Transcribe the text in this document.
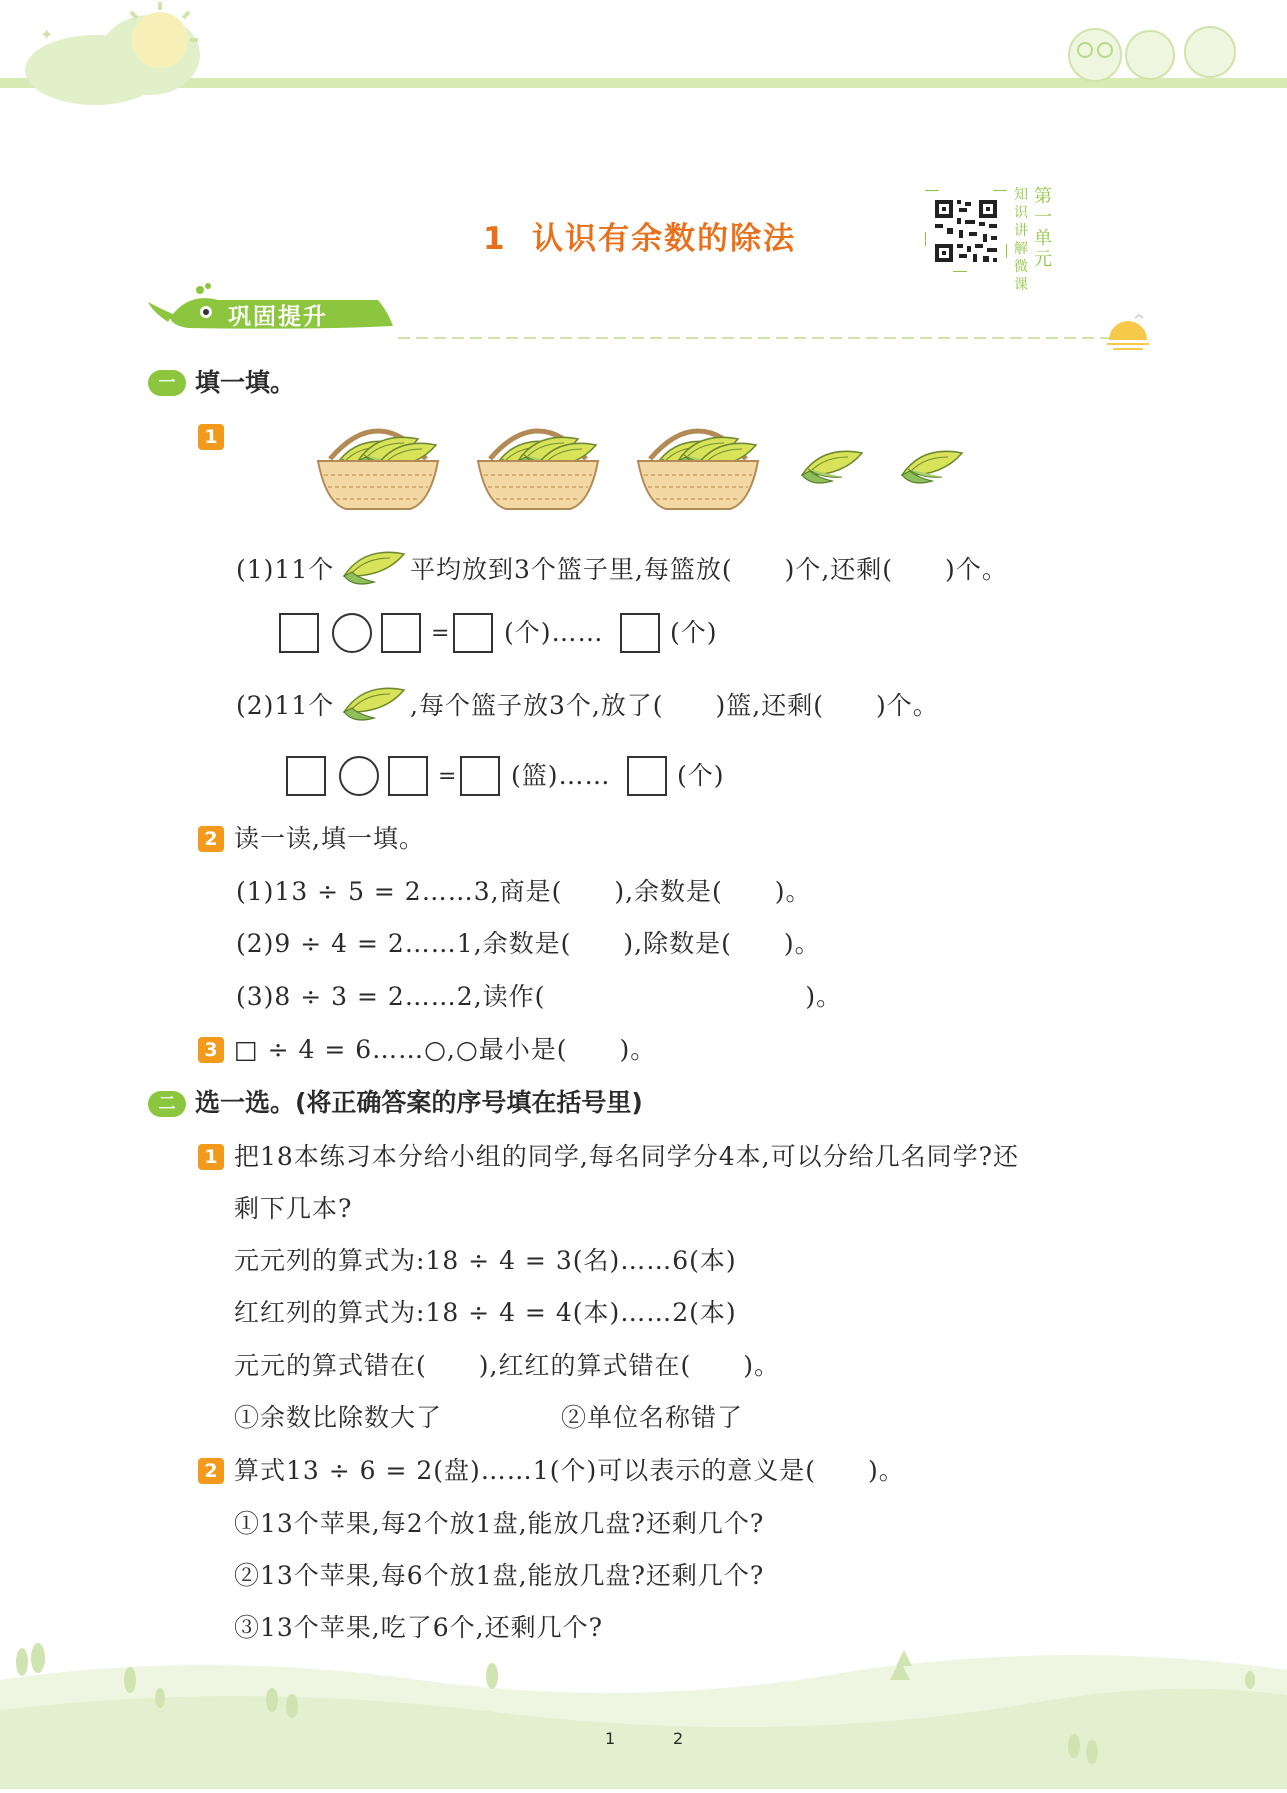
✦
1  认识有余数的除法
第一单元
知识讲解微课
巩固提升
一 填一填。
1
(1)11个	平均放到3个篮子里,每篮放(　　)个,还剩(　　)个。
= (个)……	(个)
(2)11个	,每个篮子放3个,放了(　　)篮,还剩(　　)个。
= (篮)……	(个)
2 读一读,填一填。
(1)13 ÷ 5 = 2……3,商是(　　),余数是(　　)。
(2)9 ÷ 4 = 2……1,余数是(　　),除数是(　　)。
(3)8 ÷ 3 = 2……2,读作(　　　　　　　　　　)。
3 □ ÷ 4 = 6……○,○最小是(　　)。
二 选一选。(将正确答案的序号填在括号里)
1 把18本练习本分给小组的同学,每名同学分4本,可以分给几名同学?还
剩下几本?
元元列的算式为:18 ÷ 4 = 3(名)……6(本)
红红列的算式为:18 ÷ 4 = 4(本)……2(本)
元元的算式错在(　　),红红的算式错在(　　)。
①余数比除数大了	②单位名称错了
2 算式13 ÷ 6 = 2(盘)……1(个)可以表示的意义是(　　)。
①13个苹果,每2个放1盘,能放几盘?还剩几个?
②13个苹果,每6个放1盘,能放几盘?还剩几个?
③13个苹果,吃了6个,还剩几个?
1	2
